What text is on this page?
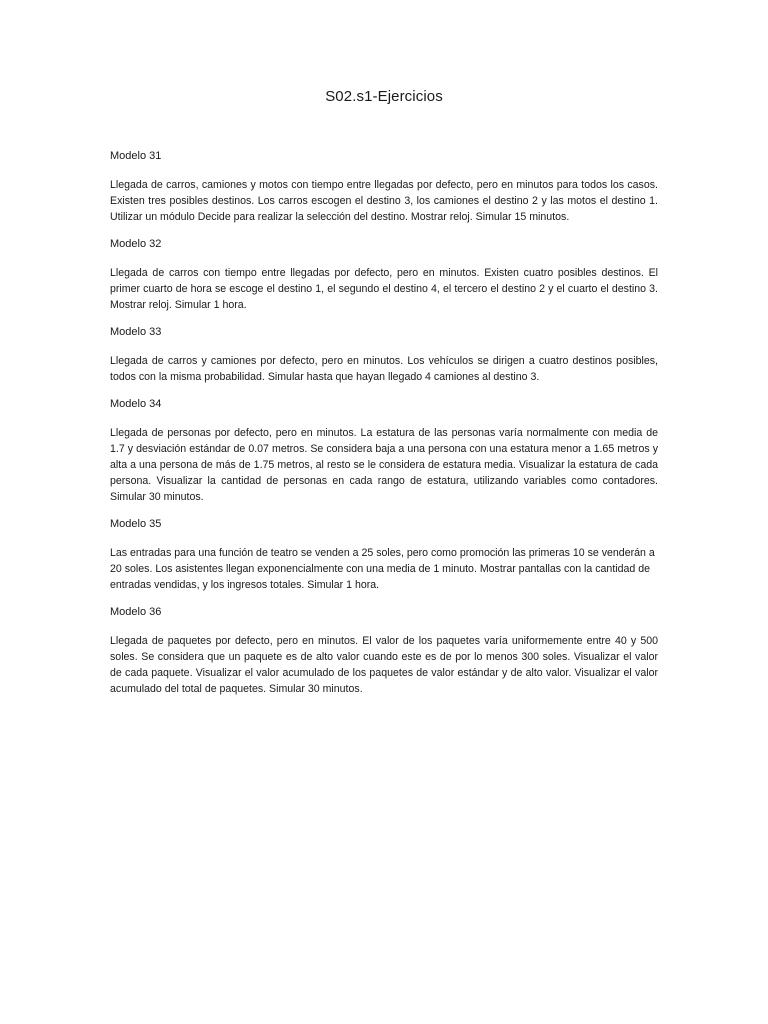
S02.s1-Ejercicios
Modelo 31
Llegada de carros, camiones y motos con tiempo entre llegadas por defecto, pero en minutos para todos los casos. Existen tres posibles destinos. Los carros escogen el destino 3, los camiones el destino 2 y las motos el destino 1. Utilizar un módulo Decide para realizar la selección del destino. Mostrar reloj. Simular 15 minutos.
Modelo 32
Llegada de carros con tiempo entre llegadas por defecto, pero en minutos. Existen cuatro posibles destinos. El primer cuarto de hora se escoge el destino 1, el segundo el destino 4, el tercero el destino 2 y el cuarto el destino 3. Mostrar reloj. Simular 1 hora.
Modelo 33
Llegada de carros y camiones por defecto, pero en minutos. Los vehículos se dirigen a cuatro destinos posibles, todos con la misma probabilidad. Simular hasta que hayan llegado 4 camiones al destino 3.
Modelo 34
Llegada de personas por defecto, pero en minutos. La estatura de las personas varía normalmente con media de 1.7 y desviación estándar de 0.07 metros. Se considera baja a una persona con una estatura menor a 1.65 metros y alta a una persona de más de 1.75 metros, al resto se le considera de estatura media. Visualizar la estatura de cada persona. Visualizar la cantidad de personas en cada rango de estatura, utilizando variables como contadores. Simular 30 minutos.
Modelo 35
Las entradas para una función de teatro se venden a 25 soles, pero como promoción las primeras 10 se venderán a 20 soles. Los asistentes llegan exponencialmente con una media de 1 minuto. Mostrar pantallas con la cantidad de entradas vendidas, y los ingresos totales. Simular 1 hora.
Modelo 36
Llegada de paquetes por defecto, pero en minutos. El valor de los paquetes varía uniformemente entre 40 y 500 soles. Se considera que un paquete es de alto valor cuando este es de por lo menos 300 soles. Visualizar el valor de cada paquete. Visualizar el valor acumulado de los paquetes de valor estándar y de alto valor. Visualizar el valor acumulado del total de paquetes. Simular 30 minutos.
